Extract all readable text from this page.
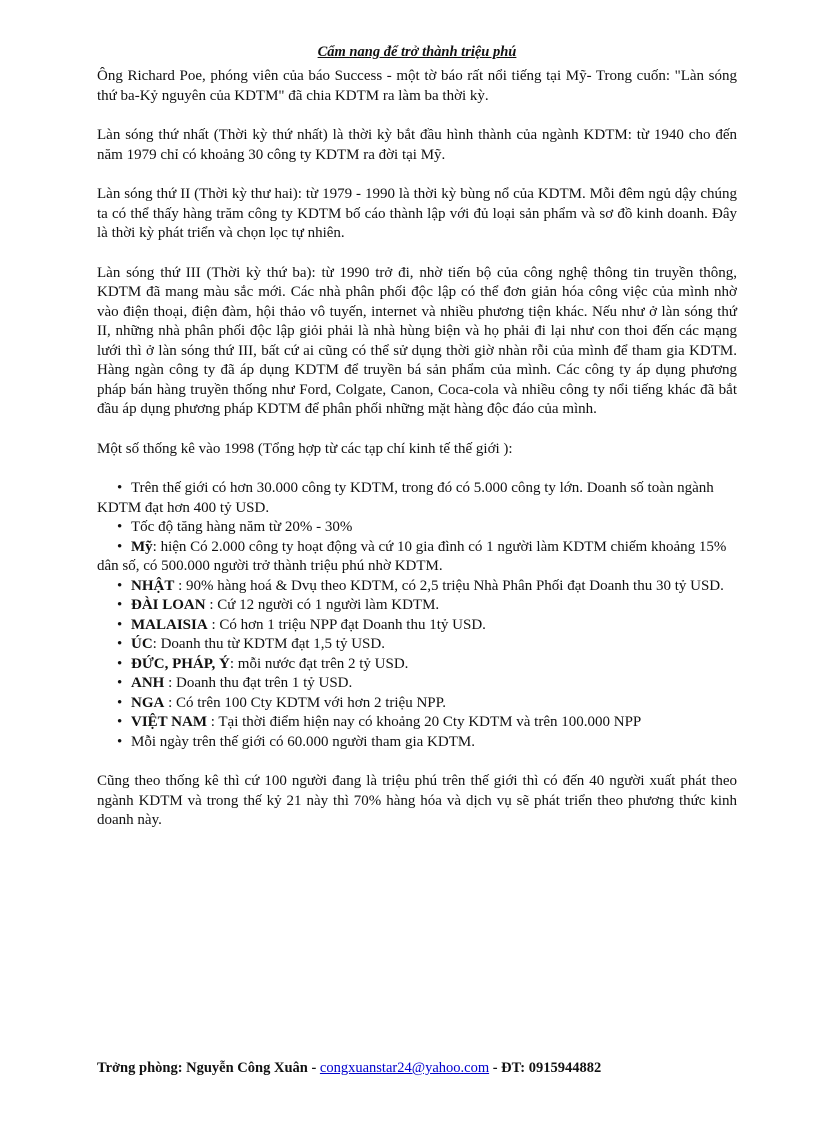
Cẩm nang để trở thành triệu phú

Ông Richard Poe, phóng viên của báo Success - một tờ báo rất nổi tiếng tại Mỹ- Trong cuốn: "Làn sóng thứ ba-Kỷ nguyên của KDTM" đã chia KDTM ra làm ba thời kỳ.

Làn sóng thứ nhất (Thời kỳ thứ nhất) là thời kỳ bắt đầu hình thành của ngành KDTM: từ 1940 cho đến năm 1979 chỉ có khoảng 30 công ty KDTM ra đời tại Mỹ.

Làn sóng thứ II (Thời kỳ thư hai): từ 1979 - 1990 là thời kỳ bùng nổ của KDTM. Mỗi đêm ngủ dậy chúng ta có thể thấy hàng trăm công ty KDTM bố cáo thành lập với đủ loại sản phẩm và sơ đồ kinh doanh. Đây là thời kỳ phát triển và chọn lọc tự nhiên.

Làn sóng thứ III (Thời kỳ thứ ba): từ 1990 trở đi, nhờ tiến bộ của công nghệ thông tin truyền thông, KDTM đã mang màu sắc mới. Các nhà phân phối độc lập có thể đơn giản hóa công việc của mình nhờ vào điện thoại, điện đàm, hội thảo vô tuyến, internet và nhiều phương tiện khác. Nếu như ở làn sóng thứ II, những nhà phân phối độc lập giỏi phải là nhà hùng biện và họ phải đi lại như con thoi đến các mạng lưới thì ở làn sóng thứ III, bất cứ ai cũng có thể sử dụng thời giờ nhàn rỗi của mình để tham gia KDTM. Hàng ngàn công ty đã áp dụng KDTM để truyền bá sản phẩm của mình. Các công ty áp dụng phương pháp bán hàng truyền thống như Ford, Colgate, Canon, Coca-cola và nhiều công ty nổi tiếng khác đã bắt đầu áp dụng phương pháp KDTM để phân phối những mặt hàng độc đáo của mình.

Một số thống kê vào 1998 (Tổng hợp từ các tạp chí kinh tế thế giới ):

• Trên thế giới có hơn 30.000 công ty KDTM, trong đó có 5.000 công ty lớn. Doanh số toàn ngành KDTM đạt hơn 400 tỷ USD.
• Tốc độ tăng hàng năm từ 20% - 30%
• Mỹ: hiện Có 2.000 công ty hoạt động và cứ 10 gia đình có 1 người làm KDTM chiếm khoảng 15% dân số, có 500.000 người trở thành triệu phú nhờ KDTM.
• NHẬT : 90% hàng hoá & Dvụ theo KDTM, có 2,5 triệu Nhà Phân Phối đạt Doanh thu 30 tỷ USD.
• ĐÀI LOAN : Cứ 12 người có 1 người làm KDTM.
• MALAISIA : Có hơn 1 triệu NPP đạt Doanh thu 1tỷ USD.
• ÚC: Doanh thu từ KDTM đạt 1,5 tỷ USD.
• ĐỨC, PHÁP, Ý: mỗi nước đạt trên 2 tỷ USD.
• ANH : Doanh thu đạt trên 1 tỷ USD.
• NGA : Có trên 100 Cty KDTM với hơn 2 triệu NPP.
• VIỆT NAM : Tại thời điểm hiện nay có khoảng 20 Cty KDTM và trên 100.000 NPP
• Mỗi ngày trên thế giới có 60.000 người tham gia KDTM.

Cũng theo thống kê thì cứ 100 người đang là triệu phú trên thế giới thì có đến 40 người xuất phát theo ngành KDTM và trong thế kỷ 21 này thì 70% hàng hóa và dịch vụ sẽ phát triển theo phương thức kinh doanh này.

Trởng phòng: Nguyễn Công Xuân - congxuanstar24@yahoo.com - ĐT: 0915944882
